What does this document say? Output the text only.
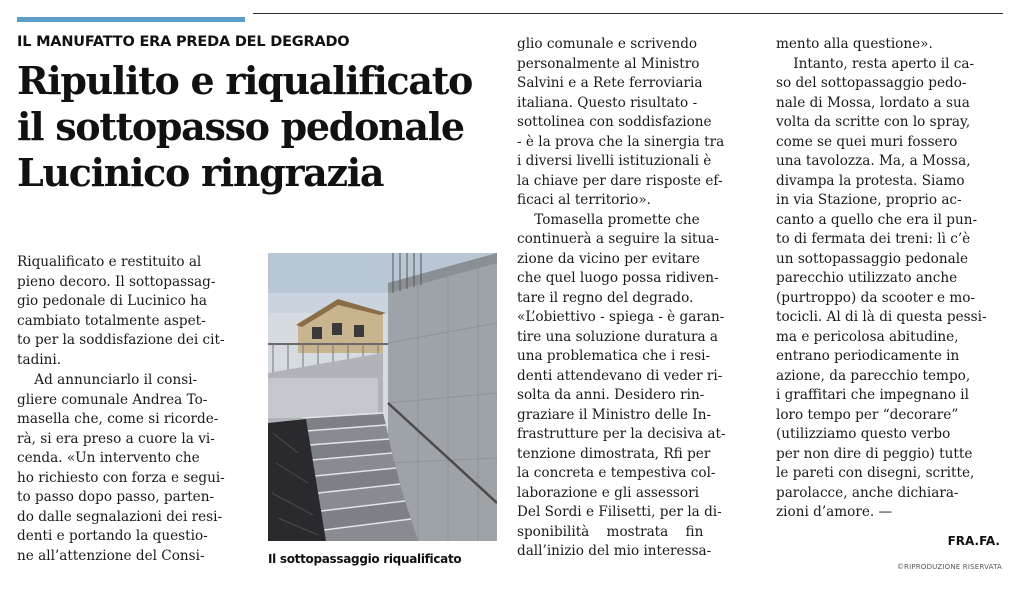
IL MANUFATTO ERA PREDA DEL DEGRADO
Ripulito e riqualificato
il sottopasso pedonale
Lucinico ringrazia
Riqualificato e restituito al
pieno decoro. Il sottopassag-
gio pedonale di Lucinico ha
cambiato totalmente aspet-
to per la soddisfazione dei cit-
tadini.
Ad annunciarlo il consi-
gliere comunale Andrea To-
masella che, come si ricorde-
rà, si era preso a cuore la vi-
cenda. «Un intervento che
ho richiesto con forza e segui-
to passo dopo passo, parten-
do dalle segnalazioni dei resi-
denti e portando la questio-
ne all’attenzione del Consi-
glio comunale e scrivendo
personalmente al Ministro
Salvini e a Rete ferroviaria
italiana. Questo risultato -
sottolinea con soddisfazione
- è la prova che la sinergia tra
i diversi livelli istituzionali è
la chiave per dare risposte ef-
ficaci al territorio».
Tomasella promette che
continuerà a seguire la situa-
zione da vicino per evitare
che quel luogo possa ridiven-
tare il regno del degrado.
«L’obiettivo - spiega - è garan-
tire una soluzione duratura a
una problematica che i resi-
denti attendevano di veder ri-
solta da anni. Desidero rin-
graziare il Ministro delle In-
frastrutture per la decisiva at-
tenzione dimostrata, Rfi per
la concreta e tempestiva col-
laborazione e gli assessori
Del Sordi e Filisetti, per la di-
sponibilità    mostrata    fin
dall’inizio del mio interessa-
mento alla questione».
Intanto, resta aperto il ca-
so del sottopassaggio pedo-
nale di Mossa, lordato a sua
volta da scritte con lo spray,
come se quei muri fossero
una tavolozza. Ma, a Mossa,
divampa la protesta. Siamo
in via Stazione, proprio ac-
canto a quello che era il pun-
to di fermata dei treni: lì c’è
un sottopassaggio pedonale
parecchio utilizzato anche
(purtroppo) da scooter e mo-
tocicli. Al di là di questa pessi-
ma e pericolosa abitudine,
entrano periodicamente in
azione, da parecchio tempo,
i graffitari che impegnano il
loro tempo per “decorare”
(utilizziamo questo verbo
per non dire di peggio) tutte
le pareti con disegni, scritte,
parolacce, anche dichiara-
zioni d’amore. —
Il sottopassaggio riqualificato
FRA.FA.
©RIPRODUZIONE RISERVATA
